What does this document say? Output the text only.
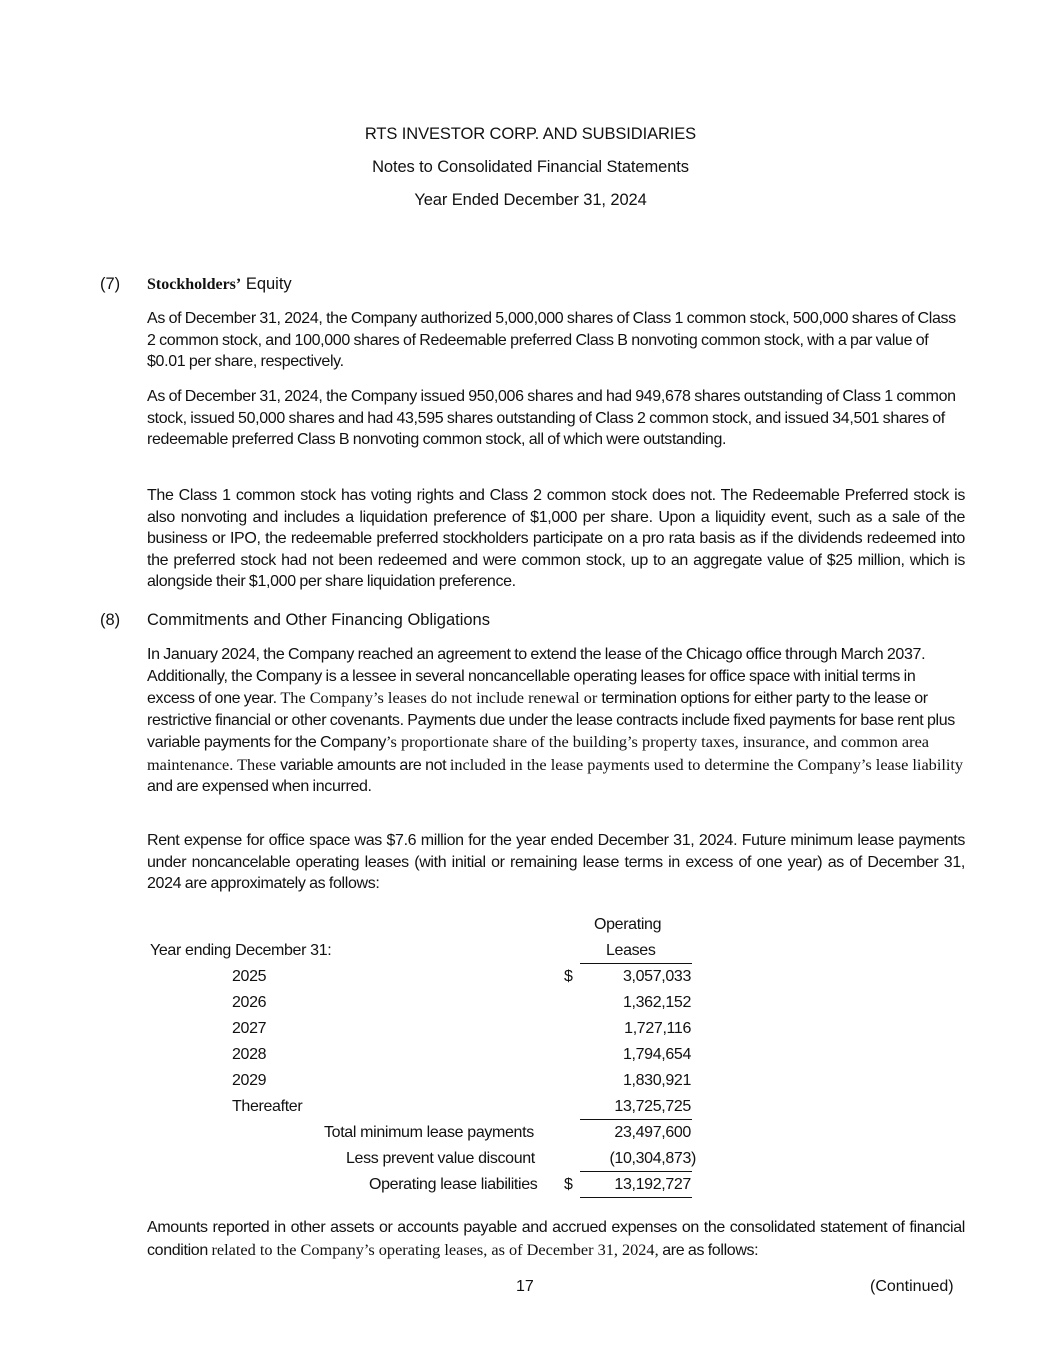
RTS INVESTOR CORP. AND SUBSIDIARIES
Notes to Consolidated Financial Statements
Year Ended December 31, 2024
(7) Stockholders’ Equity
As of December 31, 2024, the Company authorized 5,000,000 shares of Class 1 common stock, 500,000 shares of Class 2 common stock, and 100,000 shares of Redeemable preferred Class B nonvoting common stock, with a par value of $0.01 per share, respectively.
As of December 31, 2024, the Company issued 950,006 shares and had 949,678 shares outstanding of Class 1 common stock, issued 50,000 shares and had 43,595 shares outstanding of Class 2 common stock, and issued 34,501 shares of redeemable preferred Class B nonvoting common stock, all of which were outstanding.
The Class 1 common stock has voting rights and Class 2 common stock does not. The Redeemable Preferred stock is also nonvoting and includes a liquidation preference of $1,000 per share. Upon a liquidity event, such as a sale of the business or IPO, the redeemable preferred stockholders participate on a pro rata basis as if the dividends redeemed into the preferred stock had not been redeemed and were common stock, up to an aggregate value of $25 million, which is alongside their $1,000 per share liquidation preference.
(8) Commitments and Other Financing Obligations
In January 2024, the Company reached an agreement to extend the lease of the Chicago office through March 2037. Additionally, the Company is a lessee in several noncancellable operating leases for office space with initial terms in excess of one year. The Company’s leases do not include renewal or termination options for either party to the lease or restrictive financial or other covenants. Payments due under the lease contracts include fixed payments for base rent plus variable payments for the Company’s proportionate share of the building’s property taxes, insurance, and common area maintenance. These variable amounts are not included in the lease payments used to determine the Company’s lease liability and are expensed when incurred.
Rent expense for office space was $7.6 million for the year ended December 31, 2024. Future minimum lease payments under noncancelable operating leases (with initial or remaining lease terms in excess of one year) as of December 31, 2024 are approximately as follows:
Operating
Leases
Year ending December 31:
2025	$	3,057,033
2026	1,362,152
2027	1,727,116
2028	1,794,654
2029	1,830,921
Thereafter	13,725,725
Total minimum lease payments	23,497,600
Less prevent value discount	(10,304,873)
Operating lease liabilities $	13,192,727
Amounts reported in other assets or accounts payable and accrued expenses on the consolidated statement of financial condition related to the Company’s operating leases, as of December 31, 2024, are as follows:
17	(Continued)
